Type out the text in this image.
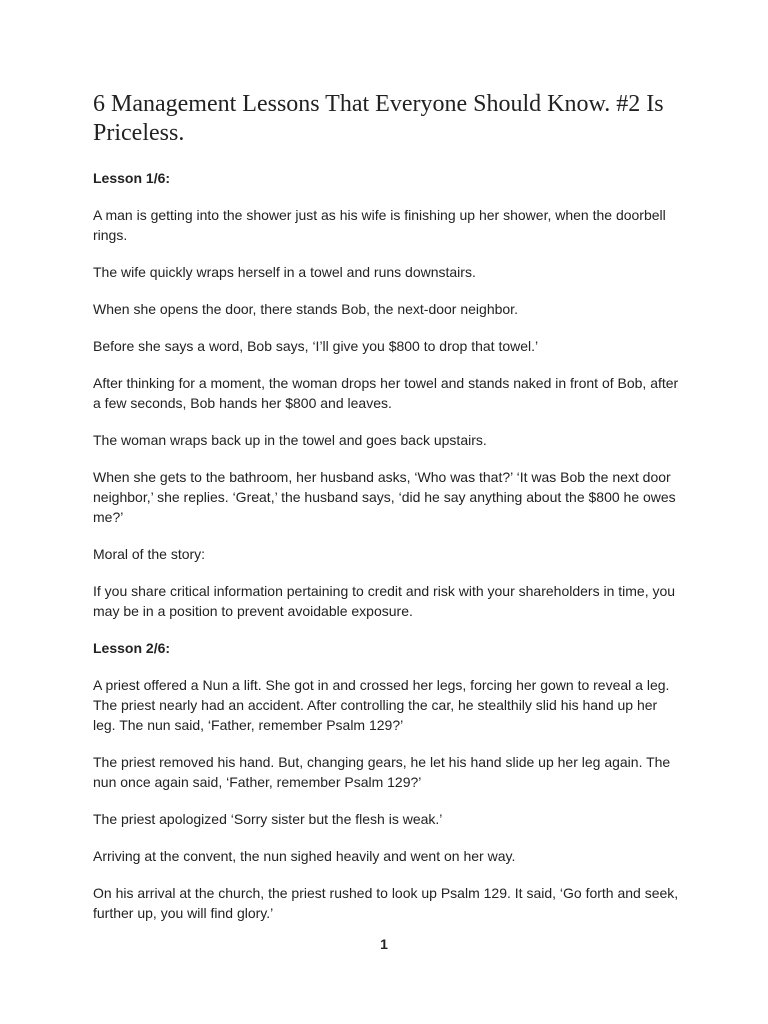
6 Management Lessons That Everyone Should Know. #2 Is Priceless.
Lesson 1/6:

A man is getting into the shower just as his wife is finishing up her shower, when the doorbell rings.

The wife quickly wraps herself in a towel and runs downstairs.

When she opens the door, there stands Bob, the next-door neighbor.

Before she says a word, Bob says, ‘I’ll give you $800 to drop that towel.’

After thinking for a moment, the woman drops her towel and stands naked in front of Bob, after a few seconds, Bob hands her $800 and leaves.

The woman wraps back up in the towel and goes back upstairs.

When she gets to the bathroom, her husband asks, ‘Who was that?’ ‘It was Bob the next door neighbor,’ she replies. ‘Great,’ the husband says, ‘did he say anything about the $800 he owes me?’

Moral of the story:

If you share critical information pertaining to credit and risk with your shareholders in time, you may be in a position to prevent avoidable exposure.

Lesson 2/6:

A priest offered a Nun a lift. She got in and crossed her legs, forcing her gown to reveal a leg. The priest nearly had an accident. After controlling the car, he stealthily slid his hand up her leg. The nun said, ‘Father, remember Psalm 129?’

The priest removed his hand. But, changing gears, he let his hand slide up her leg again. The nun once again said, ‘Father, remember Psalm 129?’

The priest apologized ‘Sorry sister but the flesh is weak.’

Arriving at the convent, the nun sighed heavily and went on her way.

On his arrival at the church, the priest rushed to look up Psalm 129. It said, ‘Go forth and seek, further up, you will find glory.’

1
